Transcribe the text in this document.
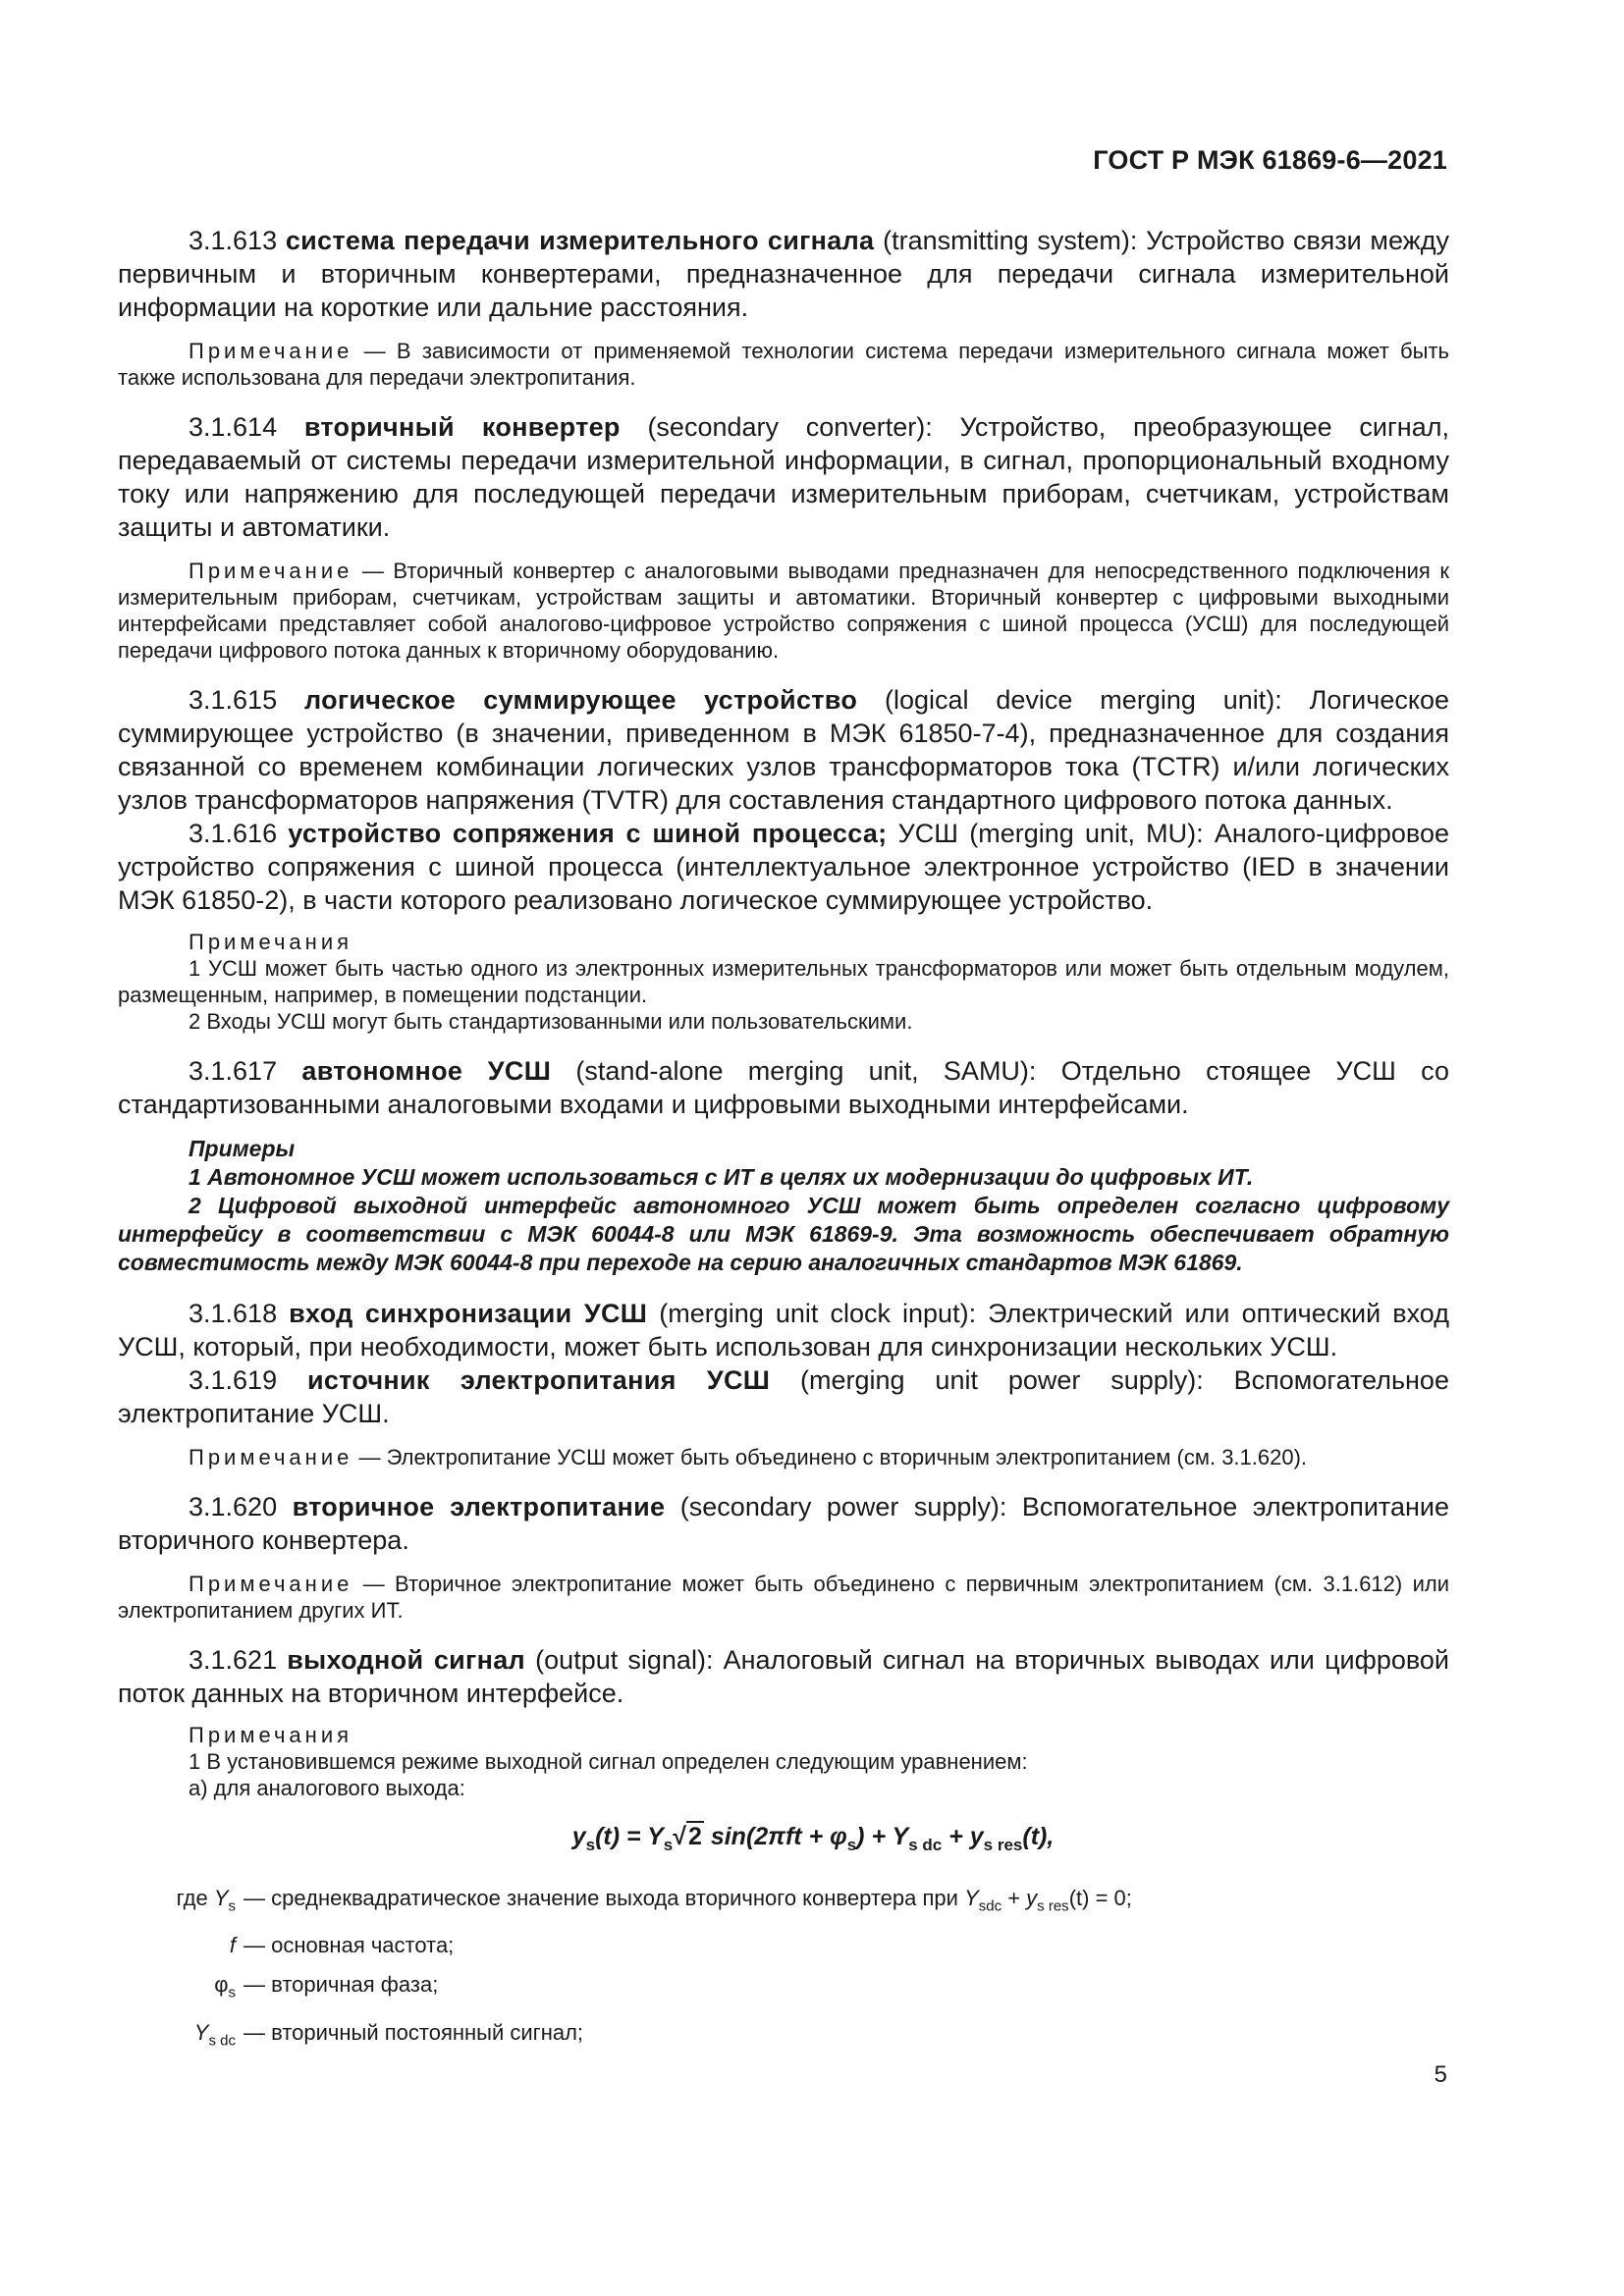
ГОСТ Р МЭК 61869-6—2021

3.1.613 система передачи измерительного сигнала (transmitting system): Устройство связи между первичным и вторичным конвертерами, предназначенное для передачи сигнала измерительной информации на короткие или дальние расстояния.

Примечание — В зависимости от применяемой технологии система передачи измерительного сигнала может быть также использована для передачи электропитания.

3.1.614 вторичный конвертер (secondary converter): Устройство, преобразующее сигнал, передаваемый от системы передачи измерительной информации, в сигнал, пропорциональный входному току или напряжению для последующей передачи измерительным приборам, счетчикам, устройствам защиты и автоматики.

Примечание — Вторичный конвертер с аналоговыми выводами предназначен для непосредственного подключения к измерительным приборам, счетчикам, устройствам защиты и автоматики. Вторичный конвертер с цифровыми выходными интерфейсами представляет собой аналогово-цифровое устройство сопряжения с шиной процесса (УСШ) для последующей передачи цифрового потока данных к вторичному оборудованию.

3.1.615 логическое суммирующее устройство (logical device merging unit): Логическое суммирующее устройство (в значении, приведенном в МЭК 61850-7-4), предназначенное для создания связанной со временем комбинации логических узлов трансформаторов тока (TCTR) и/или логических узлов трансформаторов напряжения (TVTR) для составления стандартного цифрового потока данных.

3.1.616 устройство сопряжения с шиной процесса; УСШ (merging unit, MU): Аналого-цифровое устройство сопряжения с шиной процесса (интеллектуальное электронное устройство (IED в значении МЭК 61850-2), в части которого реализовано логическое суммирующее устройство.

Примечания

1 УСШ может быть частью одного из электронных измерительных трансформаторов или может быть отдельным модулем, размещенным, например, в помещении подстанции.

2 Входы УСШ могут быть стандартизованными или пользовательскими.

3.1.617 автономное УСШ (stand-alone merging unit, SAMU): Отдельно стоящее УСШ со стандартизованными аналоговыми входами и цифровыми выходными интерфейсами.

Примеры

1 Автономное УСШ может использоваться с ИТ в целях их модернизации до цифровых ИТ.

2 Цифровой выходной интерфейс автономного УСШ может быть определен согласно цифровому интерфейсу в соответствии с МЭК 60044-8 или МЭК 61869-9. Эта возможность обеспечивает обратную совместимость между МЭК 60044-8 при переходе на серию аналогичных стандартов МЭК 61869.

3.1.618 вход синхронизации УСШ (merging unit clock input): Электрический или оптический вход УСШ, который, при необходимости, может быть использован для синхронизации нескольких УСШ.

3.1.619 источник электропитания УСШ (merging unit power supply): Вспомогательное электропитание УСШ.

Примечание — Электропитание УСШ может быть объединено с вторичным электропитанием (см. 3.1.620).

3.1.620 вторичное электропитание (secondary power supply): Вспомогательное электропитание вторичного конвертера.

Примечание — Вторичное электропитание может быть объединено с первичным электропитанием (см. 3.1.612) или электропитанием других ИТ.

3.1.621 выходной сигнал (output signal): Аналоговый сигнал на вторичных выводах или цифровой поток данных на вторичном интерфейсе.

Примечания

1 В установившемся режиме выходной сигнал определен следующим уравнением:

а) для аналогового выхода:

$y_s(t) = Y_s√2$ $\sin(2\pi ft + \varphi_s) + Y_{s dc} + y_{s res}(t)$,
где $Y_s$ — среднеквадратическое значение выхода вторичного конвертера при $Y_{sdc} + y_{s res}(t) = 0$;
f — основная частота;
$\varphi_s$ — вторичная фаза;
$Y_{s dc}$ — вторичный постоянный сигнал;
5
